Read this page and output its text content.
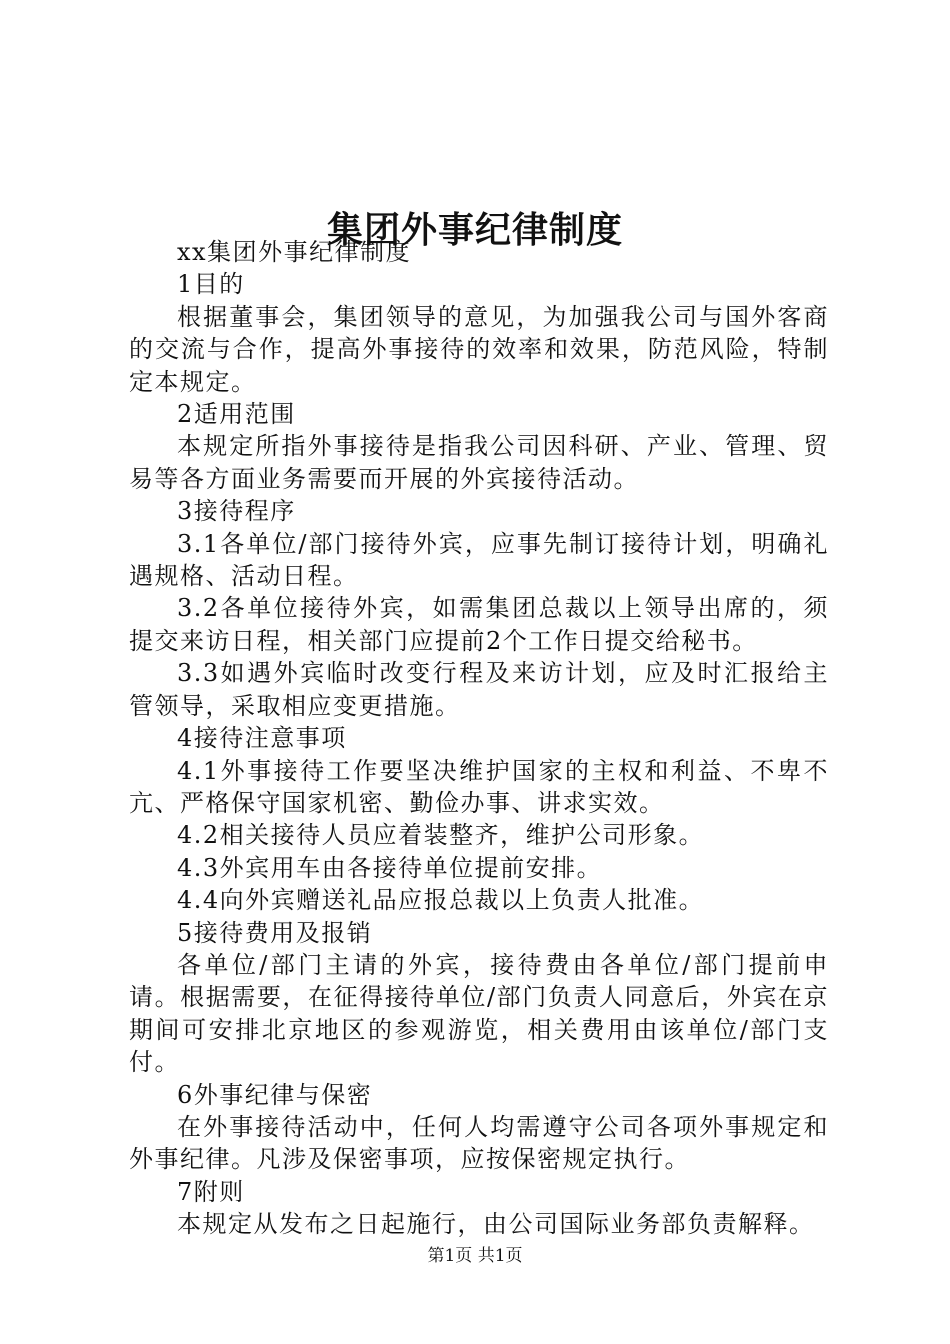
集团外事纪律制度

xx集团外事纪律制度

1目的

根据董事会，集团领导的意见，为加强我公司与国外客商的交流与合作，提高外事接待的效率和效果，防范风险，特制定本规定。

2适用范围

本规定所指外事接待是指我公司因科研、产业、管理、贸易等各方面业务需要而开展的外宾接待活动。

3接待程序

3.1各单位/部门接待外宾，应事先制订接待计划，明确礼遇规格、活动日程。

3.2各单位接待外宾，如需集团总裁以上领导出席的，须提交来访日程，相关部门应提前2个工作日提交给秘书。

3.3如遇外宾临时改变行程及来访计划，应及时汇报给主管领导，采取相应变更措施。

4接待注意事项

4.1外事接待工作要坚决维护国家的主权和利益、不卑不亢、严格保守国家机密、勤俭办事、讲求实效。

4.2相关接待人员应着装整齐，维护公司形象。

4.3外宾用车由各接待单位提前安排。

4.4向外宾赠送礼品应报总裁以上负责人批准。

5接待费用及报销

各单位/部门主请的外宾，接待费由各单位/部门提前申请。根据需要，在征得接待单位/部门负责人同意后，外宾在京期间可安排北京地区的参观游览，相关费用由该单位/部门支付。

6外事纪律与保密

在外事接待活动中，任何人均需遵守公司各项外事规定和外事纪律。凡涉及保密事项，应按保密规定执行。

7附则

本规定从发布之日起施行，由公司国际业务部负责解释。

第1页 共1页
